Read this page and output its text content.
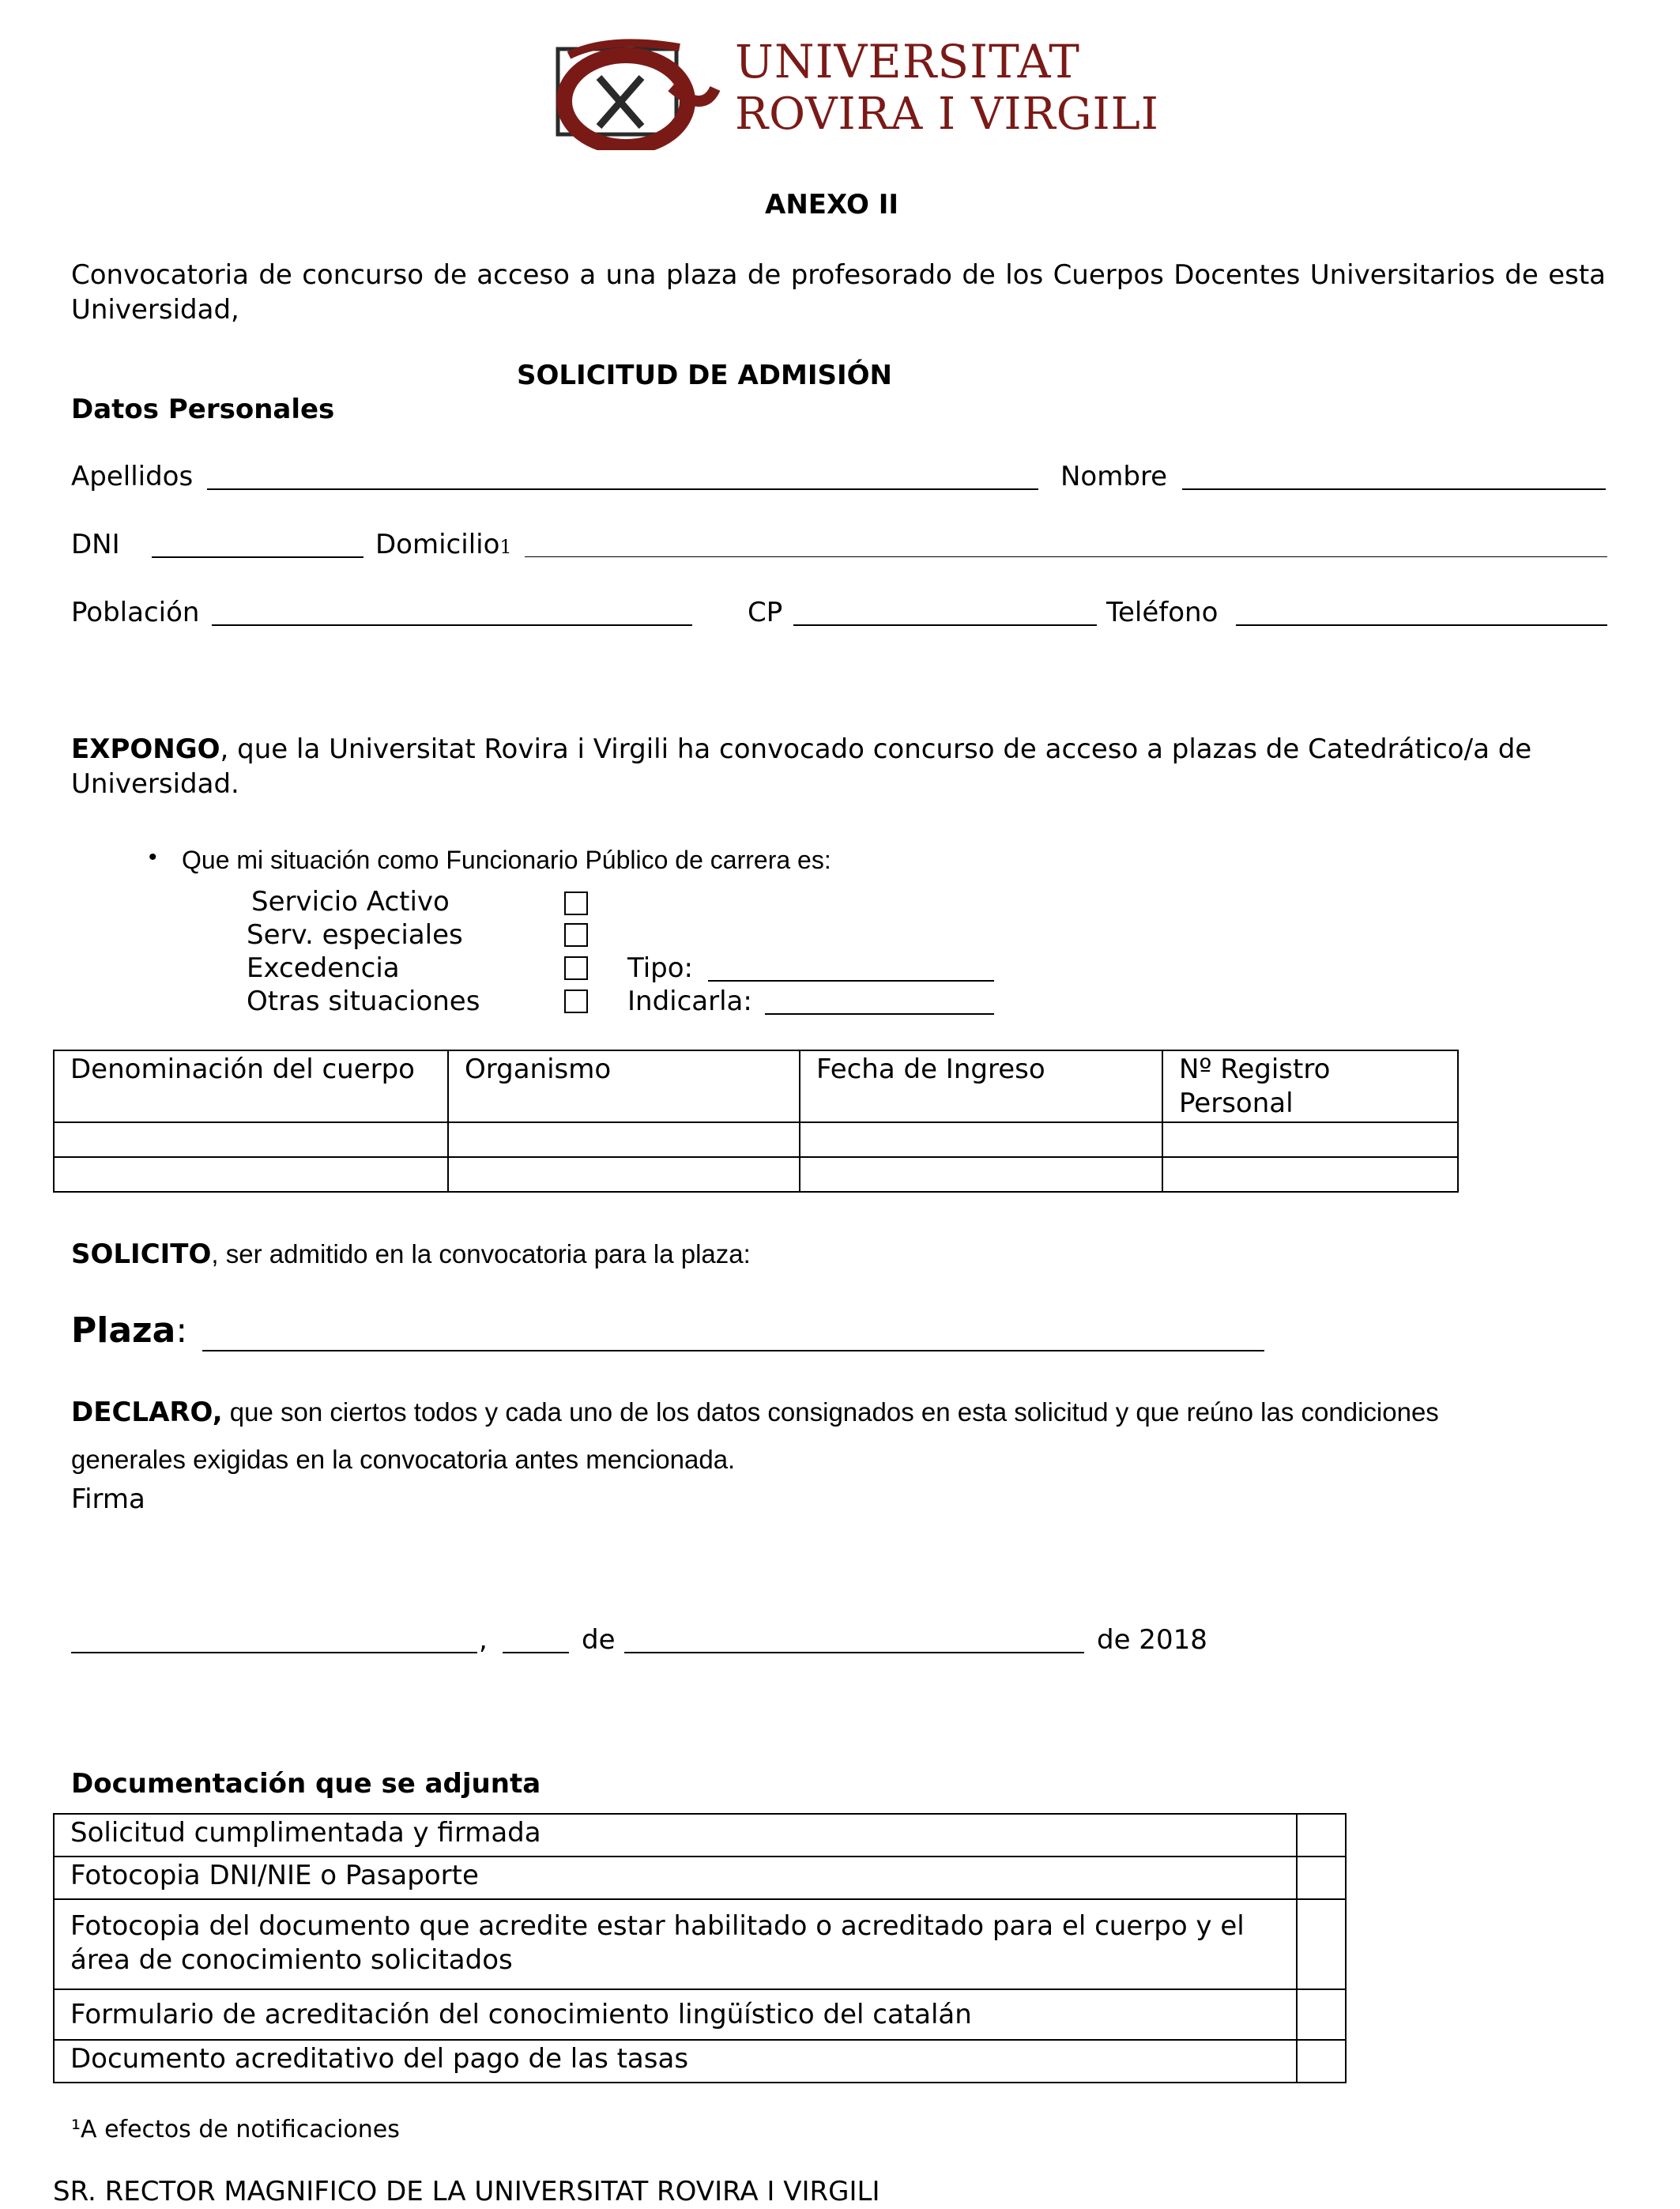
UNIVERSITAT
ROVIRA I VIRGILI
ANEXO II
Convocatoria de concurso de acceso a una plaza de profesorado de los Cuerpos Docentes Universitarios de esta Universidad,
SOLICITUD DE ADMISIÓN
Datos Personales
Apellidos	Nombre
DNI	Domicilio1
Población	CP	Teléfono
EXPONGO, que la Universitat Rovira i Virgili ha convocado concurso de acceso a plazas de Catedrático/a de Universidad.
• Que mi situación como Funcionario Público de carrera es:
Servicio Activo
Serv. especiales
Excedencia
Otras situaciones
Tipo:
Indicarla:
Denominación del cuerpo	Organismo	Fecha de Ingreso	Nº Registro Personal

SOLICITO, ser admitido en la convocatoria para la plaza:
Plaza:
DECLARO, que son ciertos todos y cada uno de los datos consignados en esta solicitud y que reúno las condiciones
generales exigidas en la convocatoria antes mencionada.
Firma
,	de	de 2018
Documentación que se adjunta
Solicitud cumplimentada y firmada	
Fotocopia DNI/NIE o Pasaporte	
Fotocopia del documento que acredite estar habilitado o acreditado para el cuerpo y el área de conocimiento solicitados	
Formulario de acreditación del conocimiento lingüístico del catalán	
Documento acreditativo del pago de las tasas	
¹A efectos de notificaciones
SR. RECTOR MAGNIFICO DE LA UNIVERSITAT ROVIRA I VIRGILI
